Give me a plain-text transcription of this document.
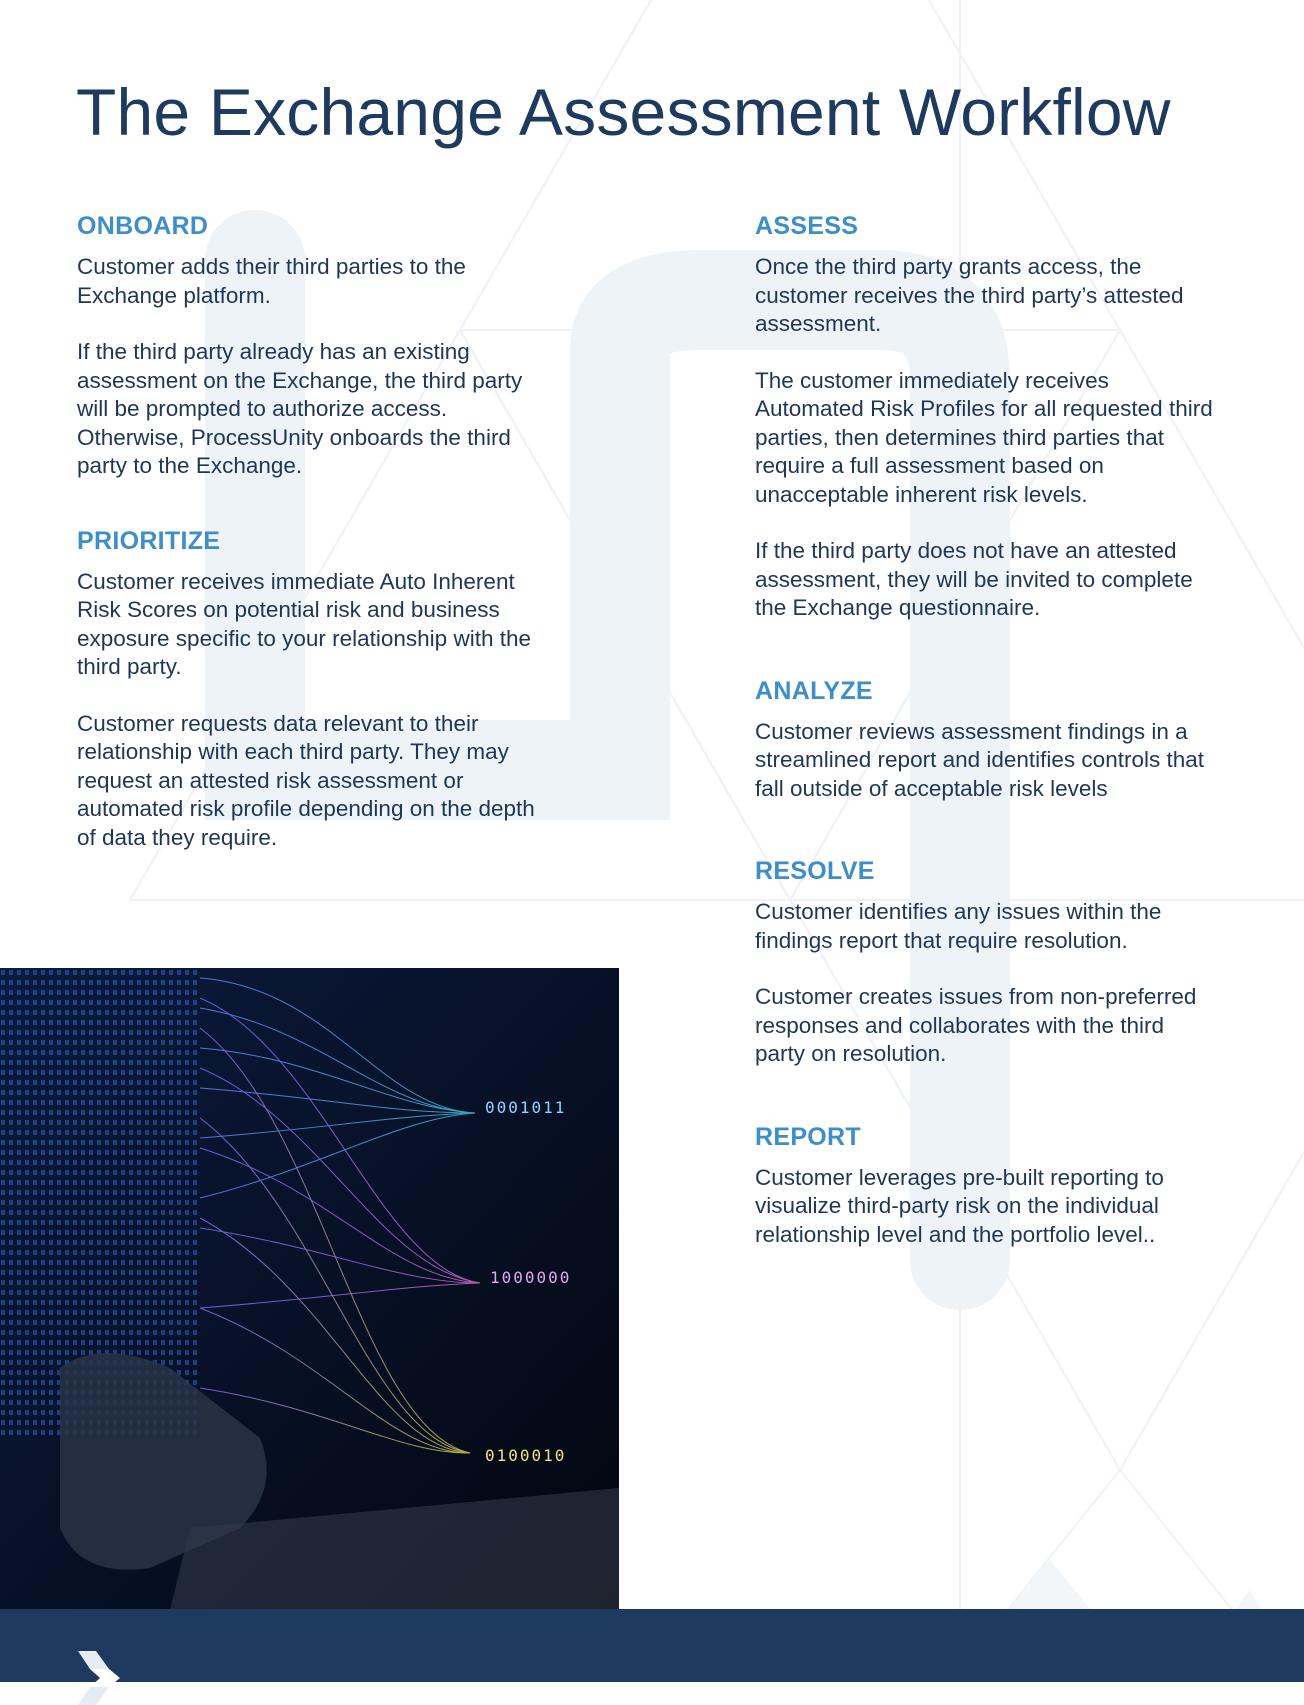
The Exchange Assessment Workflow
ONBOARD

Customer adds their third parties to the Exchange platform.

If the third party already has an existing assessment on the Exchange, the third party will be prompted to authorize access. Otherwise, ProcessUnity onboards the third party to the Exchange.

PRIORITIZE

Customer receives immediate Auto Inherent Risk Scores on potential risk and business exposure specific to your relationship with the third party.

Customer requests data relevant to their relationship with each third party. They may request an attested risk assessment or automated risk profile depending on the depth of data they require.

ASSESS

Once the third party grants access, the customer receives the third party’s attested assessment.

The customer immediately receives Automated Risk Profiles for all requested third parties, then determines third parties that require a full assessment based on unacceptable inherent risk levels.

If the third party does not have an attested assessment, they will be invited to complete the Exchange questionnaire.

ANALYZE

Customer reviews assessment findings in a streamlined report and identifies controls that fall outside of acceptable risk levels

RESOLVE

Customer identifies any issues within the findings report that require resolution.

Customer creates issues from non-preferred responses and collaborates with the third party on resolution.

REPORT

Customer leverages pre-built reporting to visualize third-party risk on the individual relationship level and the portfolio level..

0001011
1000000
0100010
